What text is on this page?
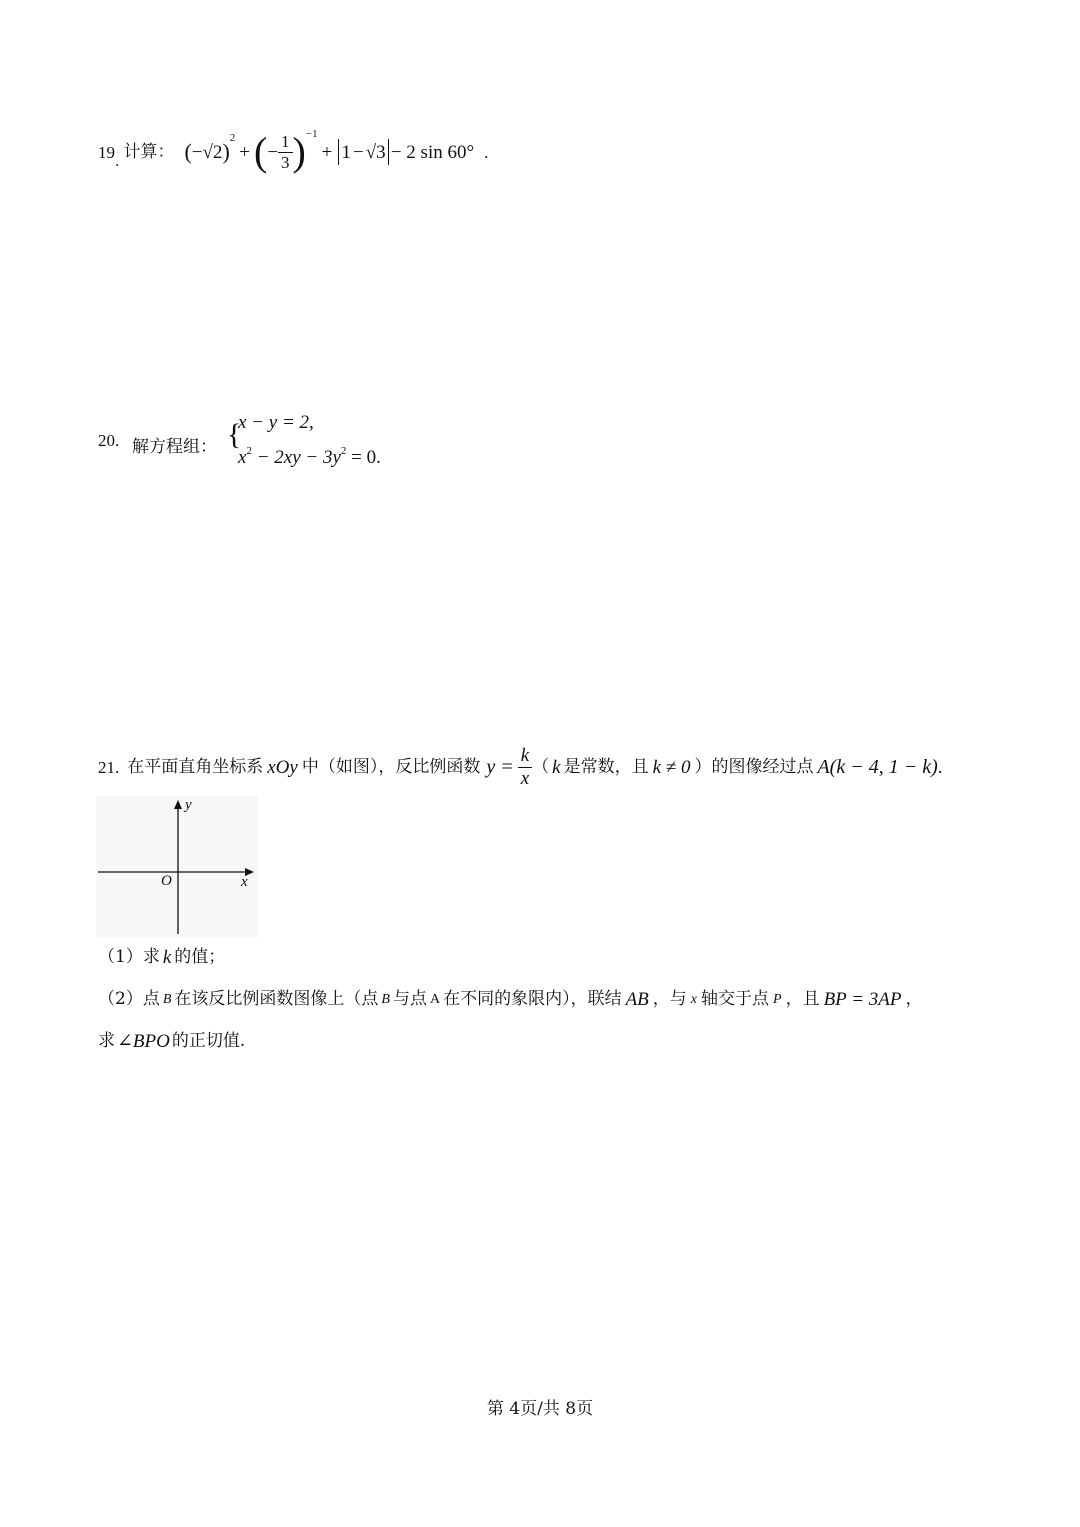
19
.
计算： ( −√2 )
2
+ ( − $\frac{1}{3}$ ) −1
+ 1 − √3 − 2 sin 60° .
20. 解方程组： {
x − y = 2,
$x^2 - 2xy - 3y^2 = 0$.
21. 在平面直角坐标系 xOy 中（如图），反比例函数 $y = \frac{k}{x}$ （ k 是常数，且 k ≠ 0 ）的图像经过点 A(k − 4, 1 − k) .
y
x
O
（1）求 k 的值；
（2）点 B 在该反比例函数图像上（点 B 与点 A 在不同的象限内），联结 AB ，与 x 轴交于点 P ，且 BP = 3AP ，
求 ∠BPO 的正切值.
第 4页/共 8页
